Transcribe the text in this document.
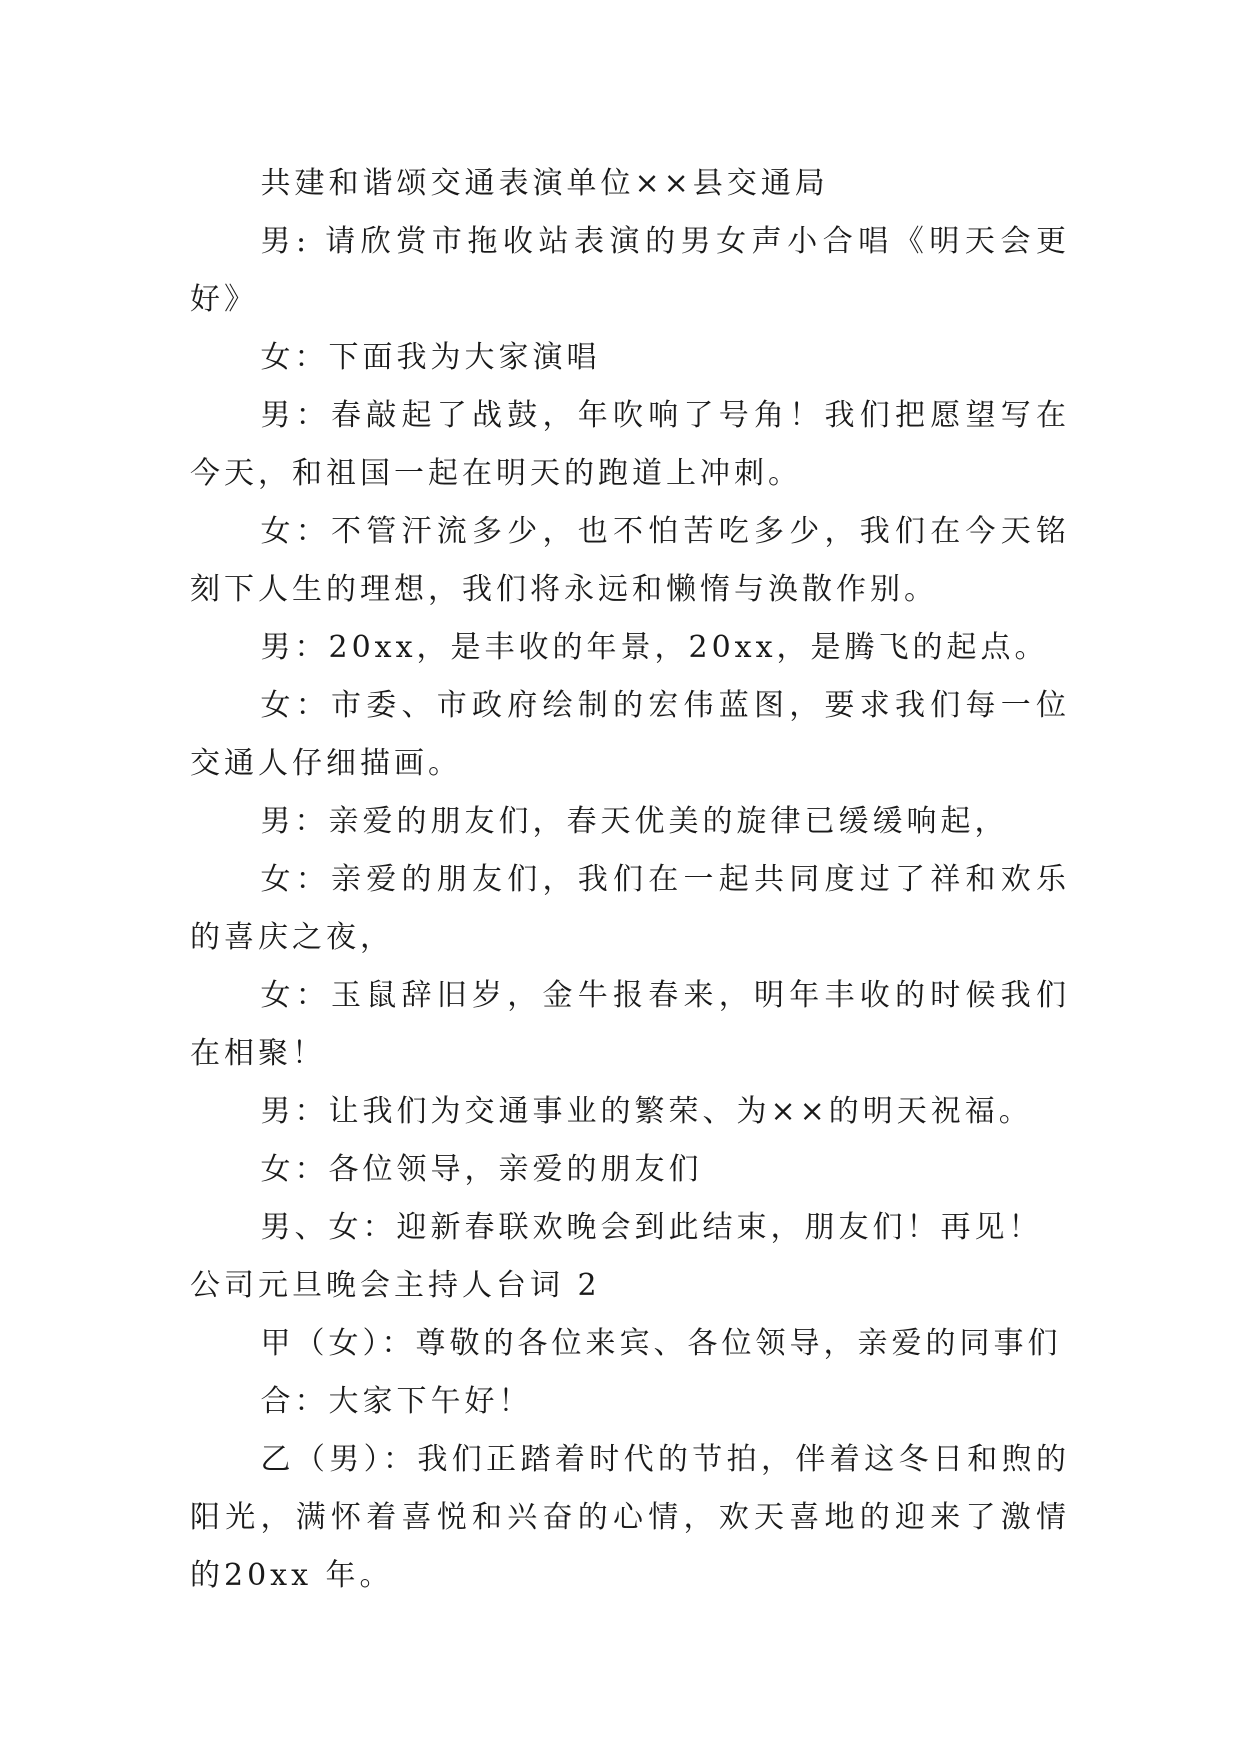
共建和谐颂交通表演单位××县交通局

男: 请欣赏市拖收站表演的男女声小合唱《明天会更好》

女：下面我为大家演唱

男：春敲起了战鼓，年吹响了号角！我们把愿望写在今天，和祖国一起在明天的跑道上冲刺。

女：不管汗流多少，也不怕苦吃多少，我们在今天铭刻下人生的理想，我们将永远和懒惰与涣散作别。

男：20xx，是丰收的年景，20xx，是腾飞的起点。

女：市委、市政府绘制的宏伟蓝图，要求我们每一位交通人仔细描画。

男：亲爱的朋友们，春天优美的旋律已缓缓响起，

女：亲爱的朋友们，我们在一起共同度过了祥和欢乐的喜庆之夜，

女：玉鼠辞旧岁，金牛报春来，明年丰收的时候我们在相聚！

男：让我们为交通事业的繁荣、为××的明天祝福。

女：各位领导，亲爱的朋友们

男、女：迎新春联欢晚会到此结束，朋友们！再见！

公司元旦晚会主持人台词 2

甲（女）：尊敬的各位来宾、各位领导，亲爱的同事们

合：大家下午好！

乙（男）：我们正踏着时代的节拍，伴着这冬日和煦的阳光，满怀着喜悦和兴奋的心情，欢天喜地的迎来了激情的20xx 年。
